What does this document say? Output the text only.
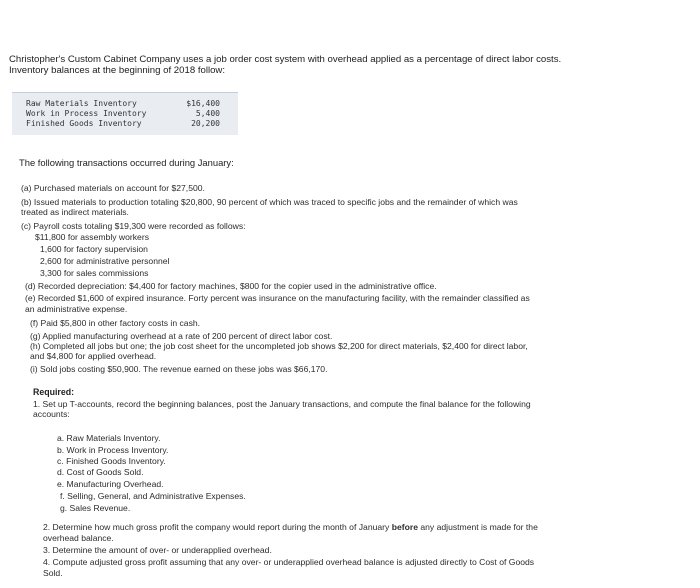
Christopher's Custom Cabinet Company uses a job order cost system with overhead applied as a percentage of direct labor costs.
Inventory balances at the beginning of 2018 follow:
Raw Materials Inventory	$16,400
Work in Process Inventory	5,400
Finished Goods Inventory	20,200
The following transactions occurred during January:
(a) Purchased materials on account for $27,500.
(b) Issued materials to production totaling $20,800, 90 percent of which was traced to specific jobs and the remainder of which was
treated as indirect materials.
(c) Payroll costs totaling $19,300 were recorded as follows:
$11,800 for assembly workers
1,600 for factory supervision
2,600 for administrative personnel
3,300 for sales commissions
(d) Recorded depreciation: $4,400 for factory machines, $800 for the copier used in the administrative office.
(e) Recorded $1,600 of expired insurance. Forty percent was insurance on the manufacturing facility, with the remainder classified as
an administrative expense.
(f) Paid $5,800 in other factory costs in cash.
(g) Applied manufacturing overhead at a rate of 200 percent of direct labor cost.
(h) Completed all jobs but one; the job cost sheet for the uncompleted job shows $2,200 for direct materials, $2,400 for direct labor,
and $4,800 for applied overhead.
(i) Sold jobs costing $50,900. The revenue earned on these jobs was $66,170.
Required:
1. Set up T-accounts, record the beginning balances, post the January transactions, and compute the final balance for the following
accounts:
a. Raw Materials Inventory.
b. Work in Process Inventory.
c. Finished Goods Inventory.
d. Cost of Goods Sold.
e. Manufacturing Overhead.
f. Selling, General, and Administrative Expenses.
g. Sales Revenue.
2. Determine how much gross profit the company would report during the month of January before any adjustment is made for the
overhead balance.
3. Determine the amount of over- or underapplied overhead.
4. Compute adjusted gross profit assuming that any over- or underapplied overhead balance is adjusted directly to Cost of Goods
Sold.
